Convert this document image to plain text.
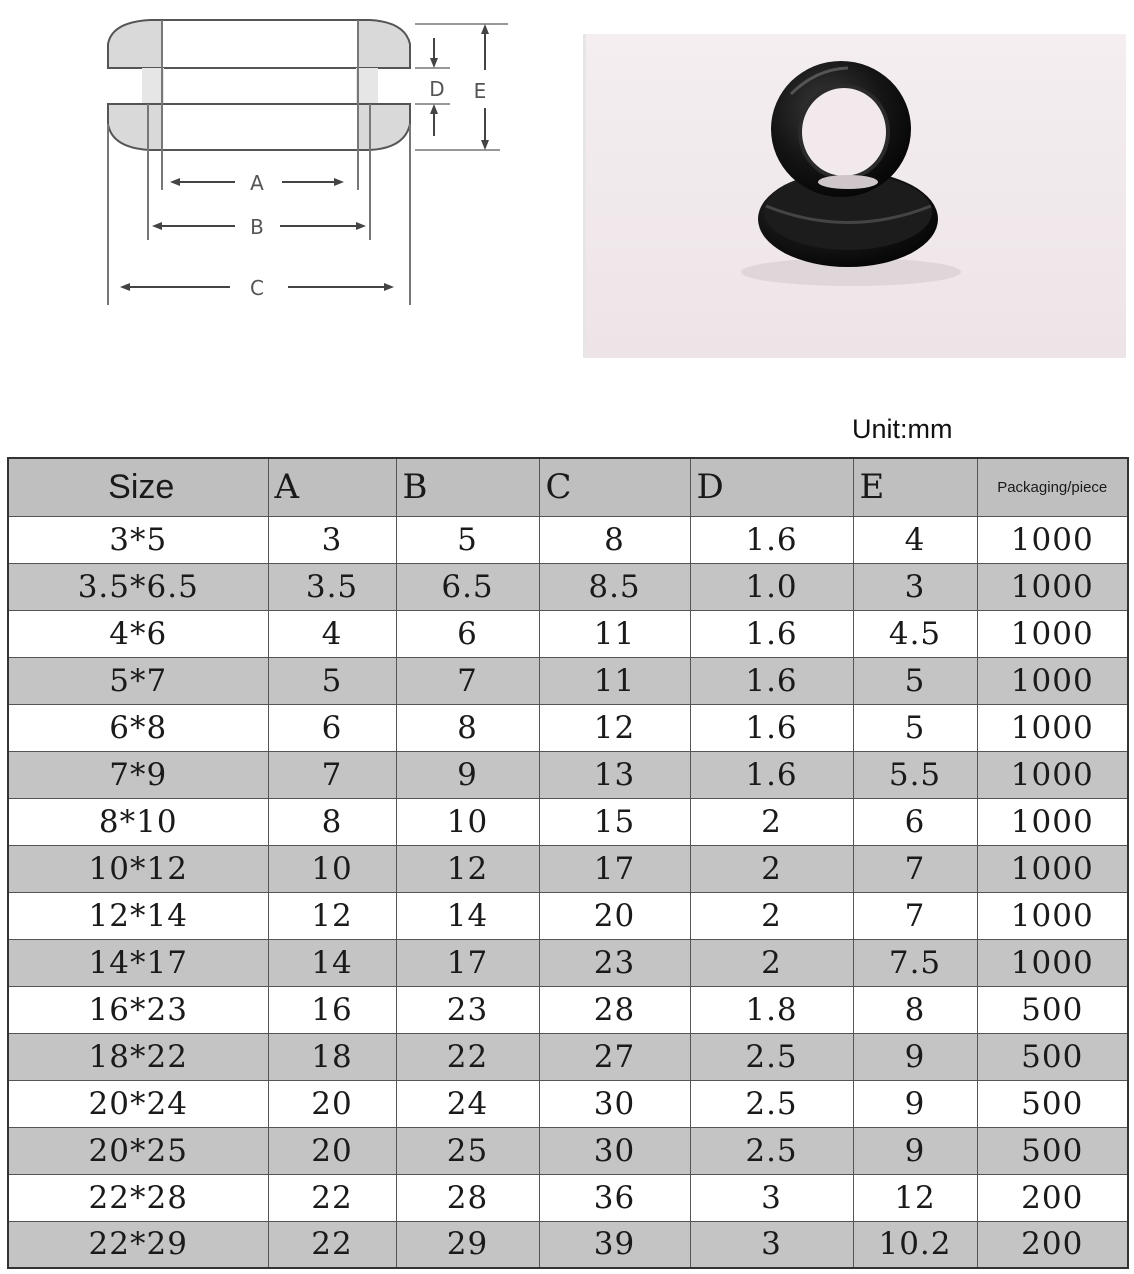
A
B
C
D E
Unit:mm
Size	A	B	C	D	E	Packaging/piece
3*5	3	5	8	1.6	4	1000
3.5*6.5	3.5	6.5	8.5	1.0	3	1000
4*6	4	6	11	1.6	4.5	1000
5*7	5	7	11	1.6	5	1000
6*8	6	8	12	1.6	5	1000
7*9	7	9	13	1.6	5.5	1000
8*10	8	10	15	2	6	1000
10*12	10	12	17	2	7	1000
12*14	12	14	20	2	7	1000
14*17	14	17	23	2	7.5	1000
16*23	16	23	28	1.8	8	500
18*22	18	22	27	2.5	9	500
20*24	20	24	30	2.5	9	500
20*25	20	25	30	2.5	9	500
22*28	22	28	36	3	12	200
22*29	22	29	39	3	10.2	200
